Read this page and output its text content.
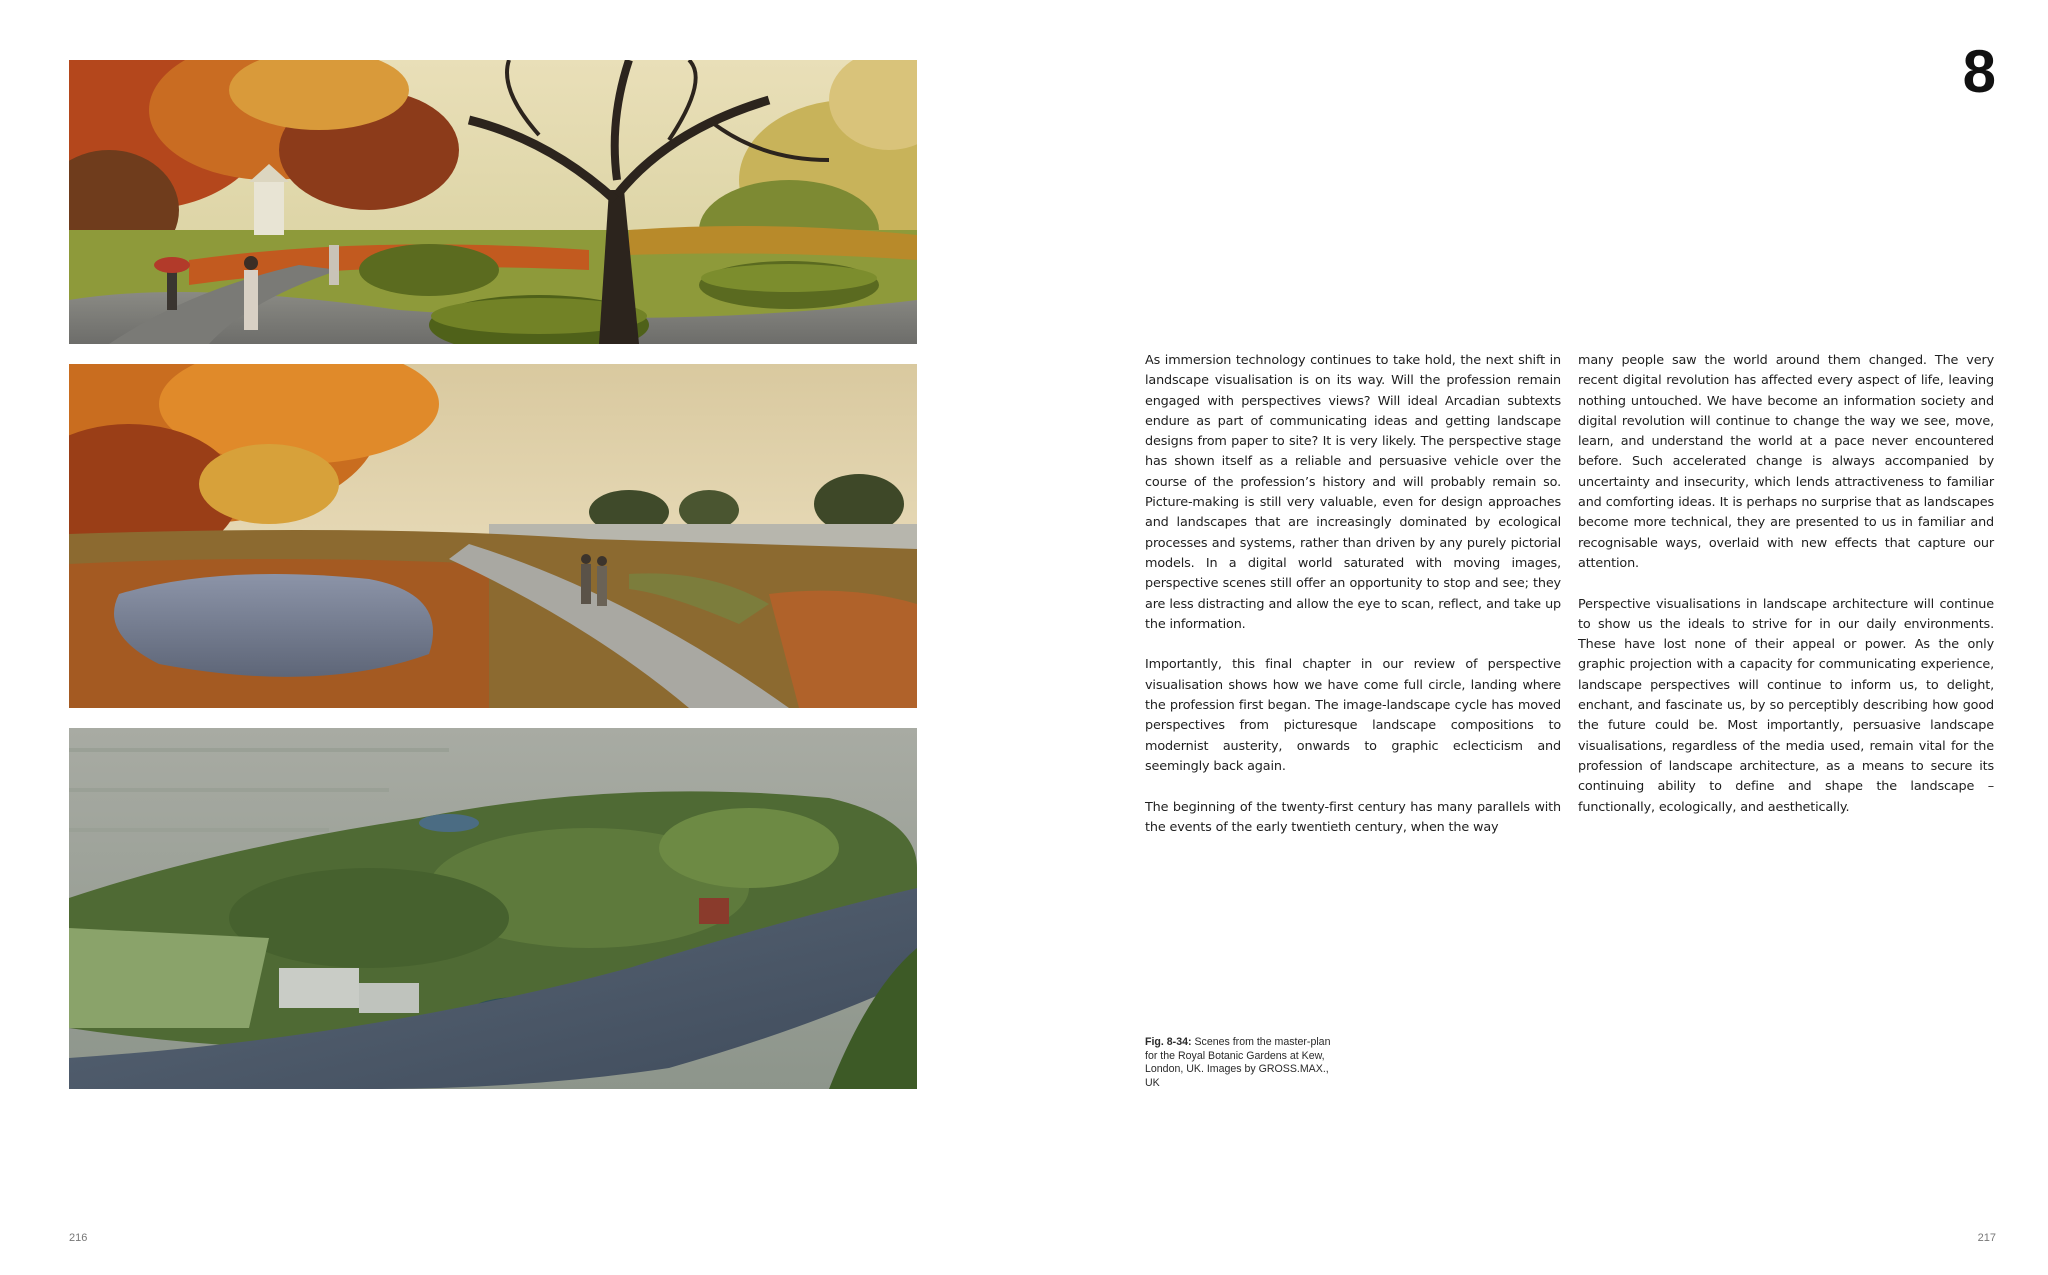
8

As immersion technology continues to take hold, the next shift in landscape visualisation is on its way. Will the profession remain engaged with perspectives views? Will ideal Arcadian subtexts endure as part of communicating ideas and getting landscape designs from paper to site? It is very likely. The perspective stage has shown itself as a reliable and persuasive vehicle over the course of the profession’s history and will probably remain so. Picture-making is still very valuable, even for design approaches and landscapes that are increasingly dominated by ecological processes and systems, rather than driven by any purely pictorial models. In a digital world saturated with moving images, perspective scenes still offer an opportunity to stop and see; they are less distracting and allow the eye to scan, reflect, and take up the information.

Importantly, this final chapter in our review of perspective visualisation shows how we have come full circle, landing where the profession first began. The image-landscape cycle has moved perspectives from picturesque landscape compositions to modernist austerity, onwards to graphic eclecticism and seemingly back again.

The beginning of the twenty-first century has many parallels with the events of the early twentieth century, when the way

many people saw the world around them changed. The very recent digital revolution has affected every aspect of life, leaving nothing untouched. We have become an information society and digital revolution will continue to change the way we see, move, learn, and understand the world at a pace never encountered before. Such accelerated change is always accompanied by uncertainty and insecurity, which lends attractiveness to familiar and comforting ideas. It is perhaps no surprise that as landscapes become more technical, they are presented to us in familiar and recognisable ways, overlaid with new effects that capture our attention.

Perspective visualisations in landscape architecture will continue to show us the ideals to strive for in our daily environments. These have lost none of their appeal or power. As the only graphic projection with a capacity for communicating experience, landscape perspectives will continue to inform us, to delight, enchant, and fascinate us, by so perceptibly describing how good the future could be. Most importantly, persuasive landscape visualisations, regardless of the media used, remain vital for the profession of landscape architecture, as a means to secure its continuing ability to define and shape the landscape – functionally, ecologically, and aesthetically.

Fig. 8-34: Scenes from the master-plan for the Royal Botanic Gardens at Kew, London, UK. Images by GROSS.MAX., UK
216	217
